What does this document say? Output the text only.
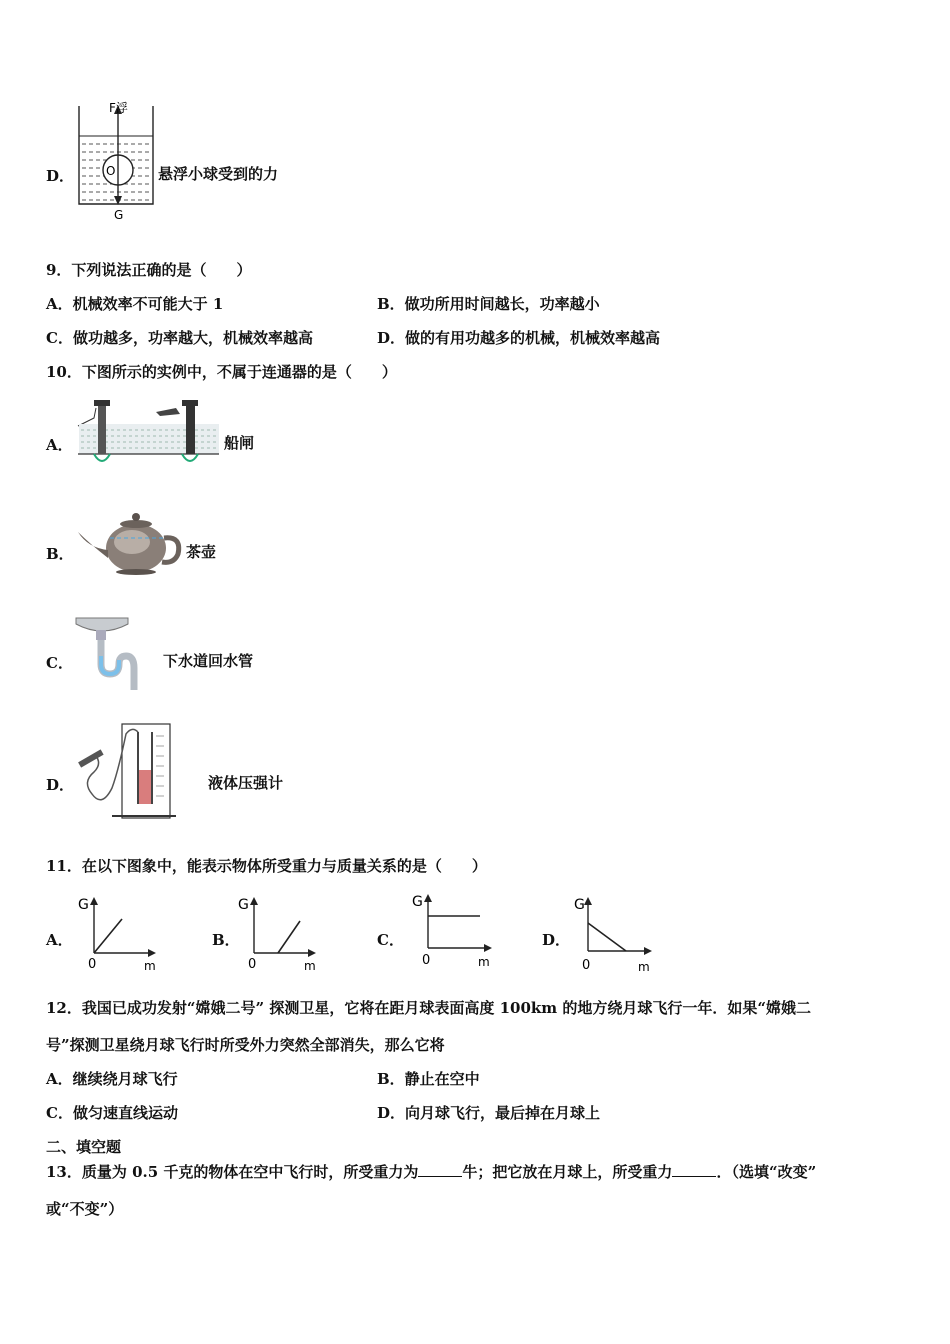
D．
F浮
O
G
悬浮小球受到的力
9．下列说法正确的是（　　）
A．机械效率不可能大于 1	B．做功所用时间越长，功率越小
C．做功越多，功率越大，机械效率越高	D．做的有用功越多的机械，机械效率越高
10．下图所示的实例中，不属于连通器的是（　　）
A．	船闸
B．	茶壶
C．	下水道回水管
D．	液体压强计
11．在以下图象中，能表示物体所受重力与质量关系的是（　　）
A．
G
0	m
B．
G
0	m
C．
G
0	m
D．
G
0	m
12．我国已成功发射“嫦娥二号” 探测卫星，它将在距月球表面高度 100km 的地方绕月球飞行一年．如果“嫦娥二
号”探测卫星绕月球飞行时所受外力突然全部消失，那么它将
A．继续绕月球飞行	B．静止在空中
C．做匀速直线运动	D．向月球飞行，最后掉在月球上
二、填空题
13．质量为 0.5 千克的物体在空中飞行时，所受重力为	牛；把它放在月球上，所受重力	．（选填“改变”
或“不变”）
